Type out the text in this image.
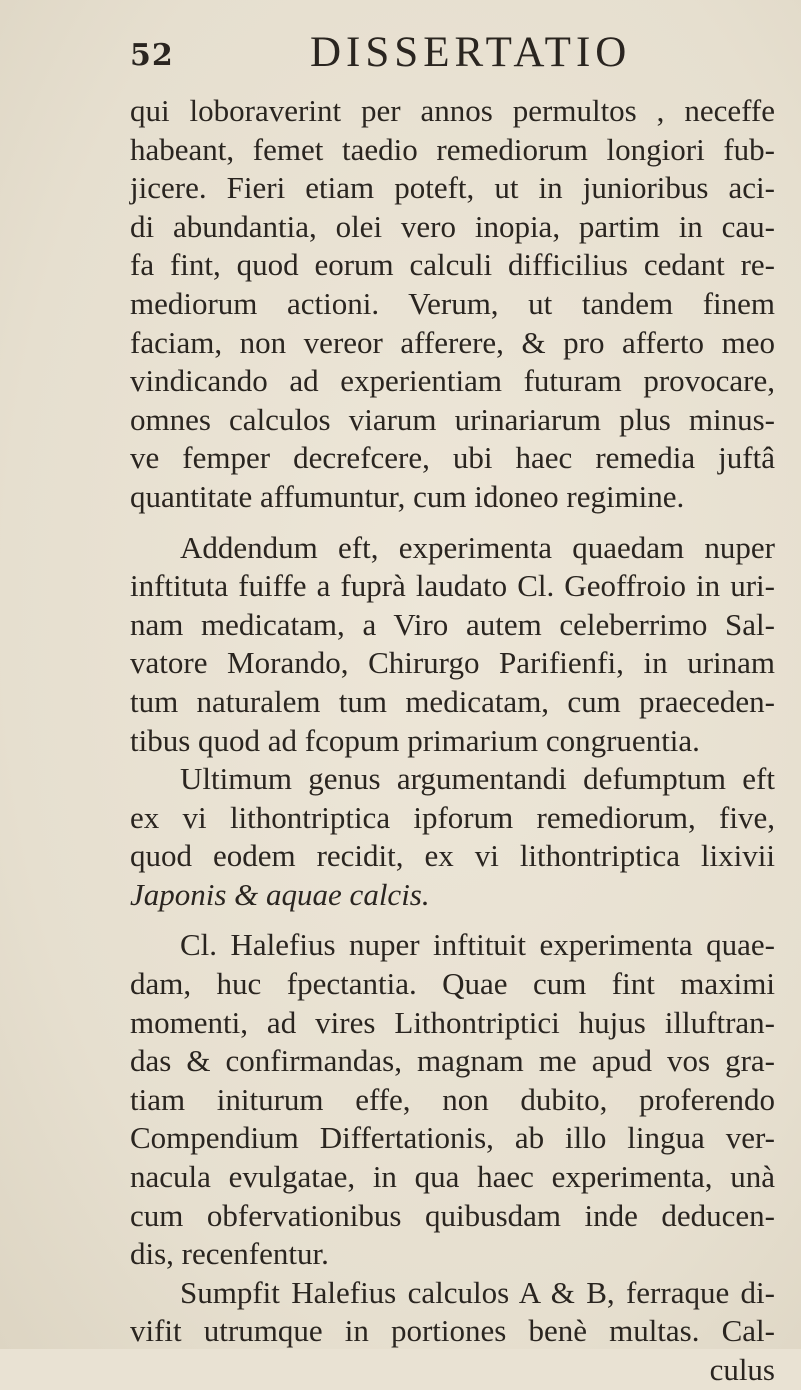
52	DISSERTATIO
qui loboraverint per annos permultos , neceffe
habeant, femet taedio remediorum longiori fub-
jicere. Fieri etiam poteft, ut in junioribus aci-
di abundantia, olei vero inopia, partim in cau-
fa fint, quod eorum calculi difficilius cedant re-
mediorum actioni. Verum, ut tandem finem
faciam, non vereor afferere, & pro afferto meo
vindicando ad experientiam futuram provocare,
omnes calculos viarum urinariarum plus minus-
ve femper decrefcere, ubi haec remedia juftâ
quantitate affumuntur, cum idoneo regimine.
Addendum eft, experimenta quaedam nuper
inftituta fuiffe a fuprà laudato Cl. Geoffroio in uri-
nam medicatam, a Viro autem celeberrimo Sal-
vatore Morando, Chirurgo Parifienfi, in urinam
tum naturalem tum medicatam, cum praeceden-
tibus quod ad fcopum primarium congruentia.
Ultimum genus argumentandi defumptum eft
ex vi lithontriptica ipforum remediorum, five,
quod eodem recidit, ex vi lithontriptica lixivii
Japonis & aquae calcis.
Cl. Halefius nuper inftituit experimenta quae-
dam, huc fpectantia. Quae cum fint maximi
momenti, ad vires Lithontriptici hujus illuftran-
das & confirmandas, magnam me apud vos gra-
tiam initurum effe, non dubito, proferendo
Compendium Differtationis, ab illo lingua ver-
nacula evulgatae, in qua haec experimenta, unà
cum obfervationibus quibusdam inde deducen-
dis, recenfentur.
Sumpfit Halefius calculos A & B, ferraque di-
vifit utrumque in portiones benè multas. Cal-
culus
